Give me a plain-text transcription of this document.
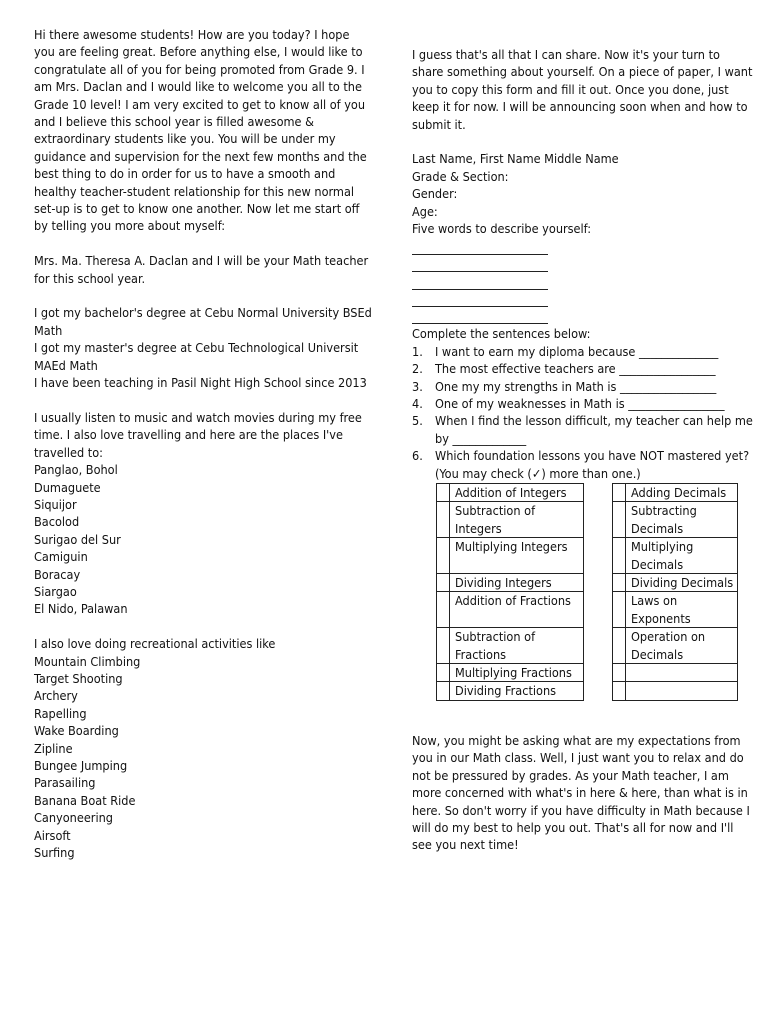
Hi there awesome students! How are you today? I hope you are feeling great. Before anything else, I would like to congratulate all of you for being promoted from Grade 9. I am Mrs. Daclan and I would like to welcome you all to the Grade 10 level! I am very excited to get to know all of you and I believe this school year is filled awesome & extraordinary students like you. You will be under my guidance and supervision for the next few months and the best thing to do in order for us to have a smooth and healthy teacher-student relationship for this new normal set-up is to get to know one another. Now let me start off by telling you more about myself:

Mrs. Ma. Theresa A. Daclan and I will be your Math teacher for this school year.

I got my bachelor's degree at Cebu Normal University BSEd Math

I got my master's degree at Cebu Technological Universit MAEd Math

I have been teaching in Pasil Night High School since 2013

I usually listen to music and watch movies during my free time. I also love travelling and here are the places I've travelled to:

Panglao, Bohol
Dumaguete
Siquijor
Bacolod
Surigao del Sur
Camiguin
Boracay
Siargao
El Nido, Palawan

I also love doing recreational activities like

Mountain Climbing
Target Shooting
Archery
Rapelling
Wake Boarding
Zipline
Bungee Jumping
Parasailing
Banana Boat Ride
Canyoneering
Airsoft
Surfing

I guess that's all that I can share. Now it's your turn to share something about yourself. On a piece of paper, I want you to copy this form and fill it out. Once you done, just keep it for now. I will be announcing soon when and how to submit it.

Last Name, First Name Middle Name

Grade & Section:

Gender:

Age:

Five words to describe yourself:

Complete the sentences below:

1. I want to earn my diploma because ______________
2. The most effective teachers are _________________
3. One my my strengths in Math is _________________
4. One of my weaknesses in Math is _________________
5. When I find the lesson difficult, my teacher can help me by _____________
6. Which foundation lessons you have NOT mastered yet? (You may check (✓) more than one.)
	Addition of Integers
	Subtraction of Integers
	Multiplying Integers
	Dividing Integers
	Addition of Fractions
	Subtraction of Fractions
	Multiplying Fractions
	Dividing Fractions
	Adding Decimals
	Subtracting Decimals
	Multiplying Decimals
	Dividing Decimals
	Laws on Exponents
	Operation on Decimals

Now, you might be asking what are my expectations from you in our Math class. Well, I just want you to relax and do not be pressured by grades. As your Math teacher, I am more concerned with what's in here & here, than what is in here. So don't worry if you have difficulty in Math because I will do my best to help you out. That's all for now and I'll see you next time!
